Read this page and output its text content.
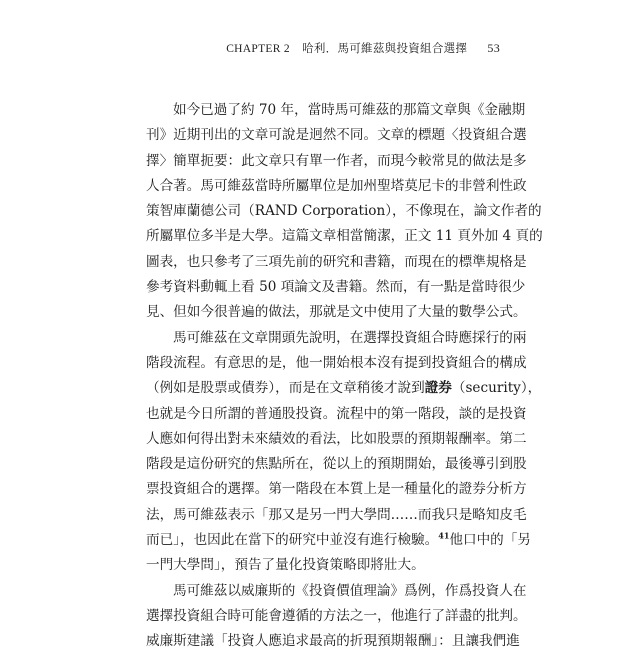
CHAPTER 2 哈利．馬可維茲與投資組合選擇 53
如今已過了約 70 年，當時馬可維茲的那篇文章與《金融期
刊》近期刊出的文章可說是迥然不同。文章的標題〈投資組合選
擇〉簡單扼要：此文章只有單一作者，而現今較常見的做法是多
人合著。馬可維茲當時所屬單位是加州聖塔莫尼卡的非營利性政
策智庫蘭德公司（RAND Corporation），不像現在，論文作者的
所屬單位多半是大學。這篇文章相當簡潔，正文 11 頁外加 4 頁的
圖表，也只參考了三項先前的研究和書籍，而現在的標準規格是
參考資料動輒上看 50 項論文及書籍。然而，有一點是當時很少
見、但如今很普遍的做法，那就是文中使用了大量的數學公式。
馬可維茲在文章開頭先說明，在選擇投資組合時應採行的兩
階段流程。有意思的是，他一開始根本沒有提到投資組合的構成
（例如是股票或債券），而是在文章稍後才說到證券（security），
也就是今日所謂的普通股投資。流程中的第一階段，談的是投資
人應如何得出對未來績效的看法，比如股票的預期報酬率。第二
階段是這份研究的焦點所在，從以上的預期開始，最後導引到股
票投資組合的選擇。第一階段在本質上是一種量化的證券分析方
法，馬可維茲表示「那又是另一門大學問……而我只是略知皮毛
而已」，也因此在當下的研究中並沒有進行檢驗。$^{41}$他口中的「另
一門大學問」，預告了量化投資策略即將壯大。
馬可維茲以威廉斯的《投資價值理論》爲例，作爲投資人在
選擇投資組合時可能會遵循的方法之一，他進行了詳盡的批判。
威廉斯建議「投資人應追求最高的折現預期報酬」：且讓我們進
